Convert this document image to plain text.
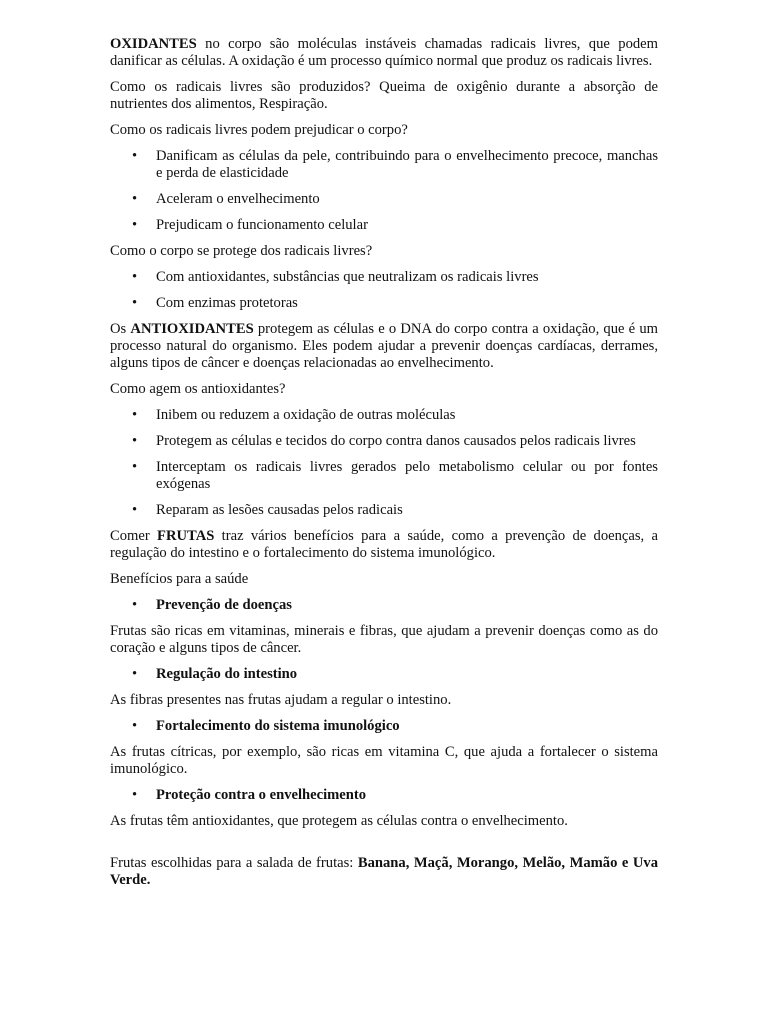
OXIDANTES no corpo são moléculas instáveis chamadas radicais livres, que podem danificar as células. A oxidação é um processo químico normal que produz os radicais livres.

Como os radicais livres são produzidos? Queima de oxigênio durante a absorção de nutrientes dos alimentos, Respiração.

Como os radicais livres podem prejudicar o corpo?

• Danificam as células da pele, contribuindo para o envelhecimento precoce, manchas e perda de elasticidade
• Aceleram o envelhecimento
• Prejudicam o funcionamento celular

Como o corpo se protege dos radicais livres?

• Com antioxidantes, substâncias que neutralizam os radicais livres
• Com enzimas protetoras

Os ANTIOXIDANTES protegem as células e o DNA do corpo contra a oxidação, que é um processo natural do organismo. Eles podem ajudar a prevenir doenças cardíacas, derrames, alguns tipos de câncer e doenças relacionadas ao envelhecimento.

Como agem os antioxidantes?

• Inibem ou reduzem a oxidação de outras moléculas
• Protegem as células e tecidos do corpo contra danos causados pelos radicais livres
• Interceptam os radicais livres gerados pelo metabolismo celular ou por fontes exógenas
• Reparam as lesões causadas pelos radicais

Comer FRUTAS traz vários benefícios para a saúde, como a prevenção de doenças, a regulação do intestino e o fortalecimento do sistema imunológico.

Benefícios para a saúde

• Prevenção de doenças

Frutas são ricas em vitaminas, minerais e fibras, que ajudam a prevenir doenças como as do coração e alguns tipos de câncer.

• Regulação do intestino

As fibras presentes nas frutas ajudam a regular o intestino.

• Fortalecimento do sistema imunológico

As frutas cítricas, por exemplo, são ricas em vitamina C, que ajuda a fortalecer o sistema imunológico.

• Proteção contra o envelhecimento

As frutas têm antioxidantes, que protegem as células contra o envelhecimento.

Frutas escolhidas para a salada de frutas: Banana, Maçã, Morango, Melão, Mamão e Uva Verde.
